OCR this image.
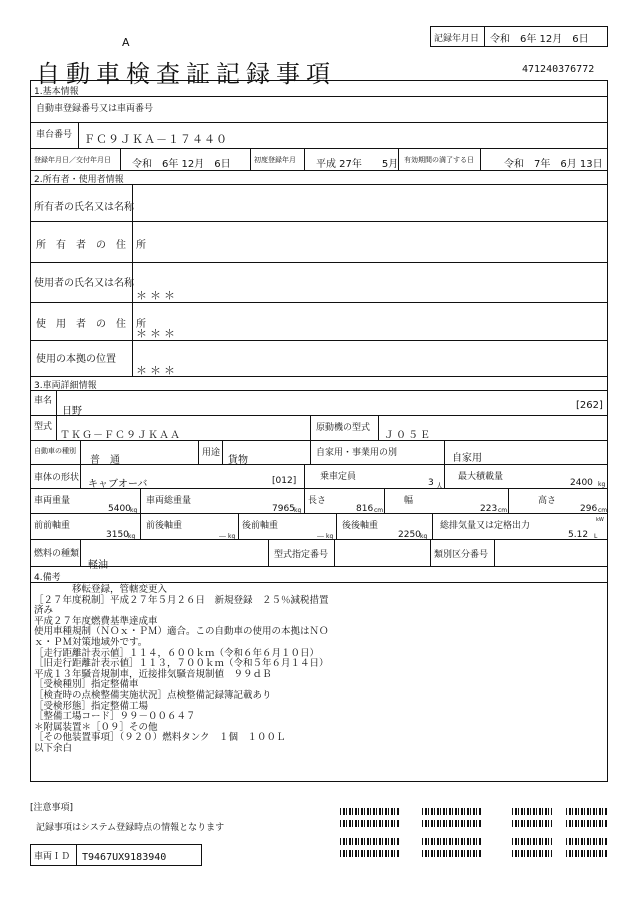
A
自動車検査証記録事項
記録年月日 令和　6年 12月　6日
471240376772
1.基本情報
自動車登録番号又は車両番号
車台番号 ＦＣ９ＪＫＡ－１７４４０
登録年月日／交付年月日 令和　6年 12月　6日	初度登録年月 平成 27年　　5月 有効期間の満了する日	令和　7年　6月 13日
2.所有者・使用者情報
所有者の氏名又は名称
所　有　者　の　住　所
使用者の氏名又は名称
＊＊＊
使　用　者　の　住　所
＊＊＊
使用の本拠の位置
＊＊＊
3.車両詳細情報
車名
日野
[262]
型式
ＴＫＧ－ＦＣ９ＪＫＡＡ
原動機の型式
Ｊ０５Ｅ
自動車の種別
普　通
用途
貨物
自家用・事業用の別	自家用
車体の形状
キャブオーバ	[012]	乗車定員
3 人
最大積載量
2400 kg
車両重量
5400 kg
車両総重量
7965 kg
長さ
816 cm
幅
223 cm
高さ
296 cm
前前軸重
3150 kg
前後軸重
－ kg
後前軸重
－ kg
後後軸重
2250 kg
総排気量又は定格出力
5.12 L
kW
燃料の種類
軽油
型式指定番号	類別区分番号
4.備考
　　　　移転登録，管轄変更入
［２７年度税制］平成２７年５月２６日　新規登録　２５％減税措置
済み
平成２７年度燃費基準達成車
使用車種規制（ＮＯｘ・ＰＭ）適合。この自動車の使用の本拠はＮＯ
ｘ・ＰＭ対策地域外です。
［走行距離計表示値］１１４，６００ｋｍ（令和６年６月１０日）
［旧走行距離計表示値］１１３，７００ｋｍ（令和５年６月１４日）
平成１３年騒音規制車，近接排気騒音規制値　９９ｄＢ
［受検種別］指定整備車
［検査時の点検整備実施状況］点検整備記録簿記載あり
［受検形態］指定整備工場
［整備工場コード］９９－００６４７
＊附属装置＊［０９］その他
［その他装置事項］（９２０）燃料タンク　１個　１００Ｌ
以下余白
[注意事項]
記録事項はシステム登録時点の情報となります
車両ＩＤ T9467UX9183940
